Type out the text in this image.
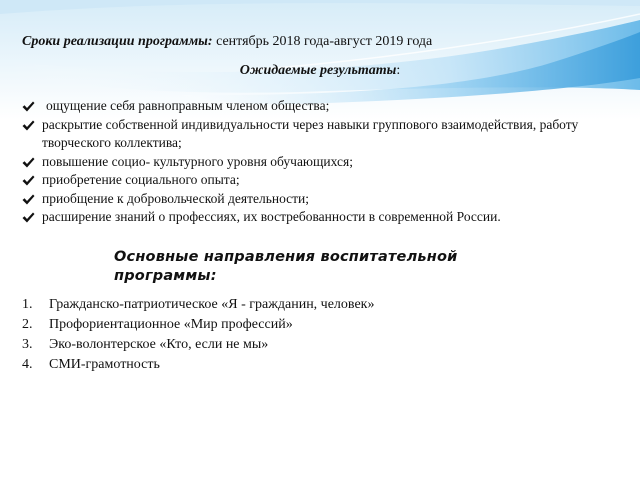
Сроки реализации программы: сентябрь 2018 года-август 2019 года
Ожидаемые результаты:
ощущение себя равноправным членом общества;
раскрытие собственной индивидуальности через навыки группового взаимодействия, работу творческого коллектива;
повышение социо- культурного уровня обучающихся;
приобретение социального опыта;
приобщение к добровольческой деятельности;
расширение знаний о профессиях, их востребованности в современной России.
Основные направления воспитательной программы:
1. Гражданско-патриотическое «Я - гражданин, человек»
2. Профориентационное «Мир профессий»
3. Эко-волонтерское «Кто, если не мы»
4. СМИ-грамотность
